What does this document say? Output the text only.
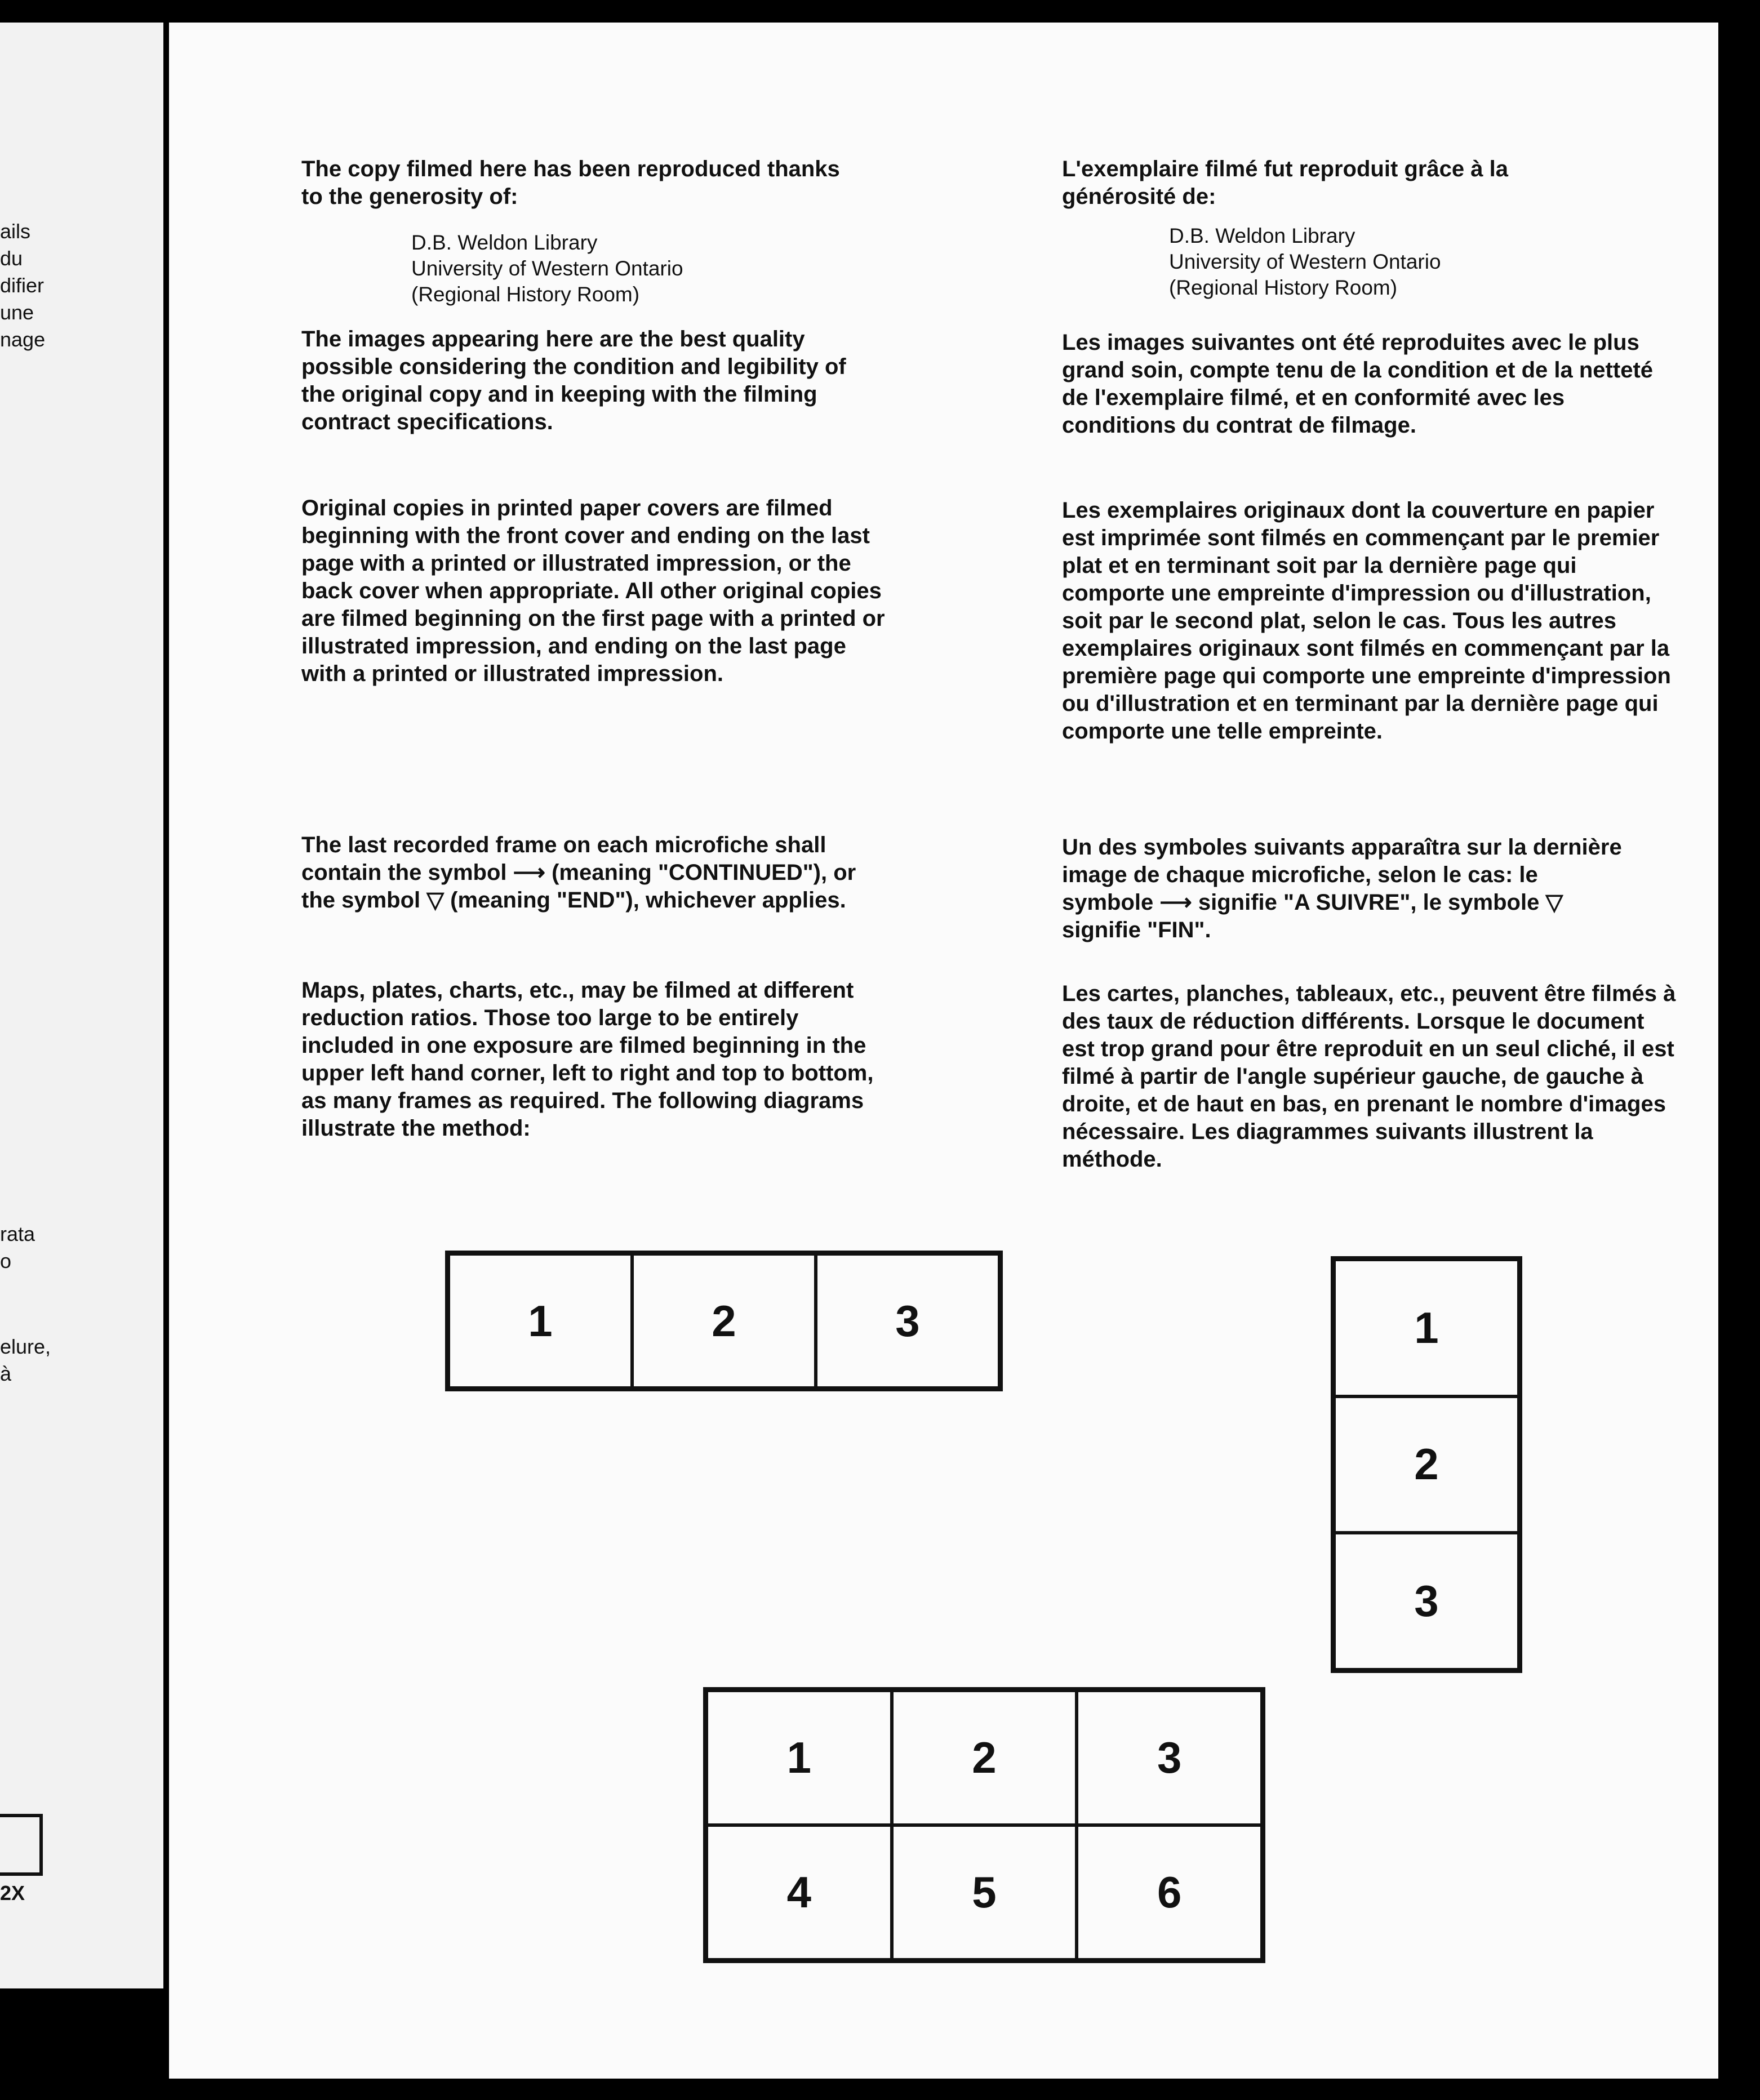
ails
du
difier
une
nage
rata
o
elure,
à
2X

The copy filmed here has been reproduced thanks to the generosity of:

D.B. Weldon Library
University of Western Ontario
(Regional History Room)

The images appearing here are the best quality possible considering the condition and legibility of the original copy and in keeping with the filming contract specifications.

Original copies in printed paper covers are filmed beginning with the front cover and ending on the last page with a printed or illustrated impression, or the back cover when appropriate. All other original copies are filmed beginning on the first page with a printed or illustrated impression, and ending on the last page with a printed or illustrated impression.

The last recorded frame on each microfiche shall contain the symbol ⟶ (meaning "CONTINUED"), or the symbol ▽ (meaning "END"), whichever applies.

Maps, plates, charts, etc., may be filmed at different reduction ratios. Those too large to be entirely included in one exposure are filmed beginning in the upper left hand corner, left to right and top to bottom, as many frames as required. The following diagrams illustrate the method:

L'exemplaire filmé fut reproduit grâce à la générosité de:

D.B. Weldon Library
University of Western Ontario
(Regional History Room)

Les images suivantes ont été reproduites avec le plus grand soin, compte tenu de la condition et de la netteté de l'exemplaire filmé, et en conformité avec les conditions du contrat de filmage.

Les exemplaires originaux dont la couverture en papier est imprimée sont filmés en commençant par le premier plat et en terminant soit par la dernière page qui comporte une empreinte d'impression ou d'illustration, soit par le second plat, selon le cas. Tous les autres exemplaires originaux sont filmés en commençant par la première page qui comporte une empreinte d'impression ou d'illustration et en terminant par la dernière page qui comporte une telle empreinte.

Un des symboles suivants apparaîtra sur la dernière image de chaque microfiche, selon le cas: le symbole ⟶ signifie "A SUIVRE", le symbole ▽ signifie "FIN".

Les cartes, planches, tableaux, etc., peuvent être filmés à des taux de réduction différents. Lorsque le document est trop grand pour être reproduit en un seul cliché, il est filmé à partir de l'angle supérieur gauche, de gauche à droite, et de haut en bas, en prenant le nombre d'images nécessaire. Les diagrammes suivants illustrent la méthode.

1	2	3	1
2
3
1	2	3
4	5	6
